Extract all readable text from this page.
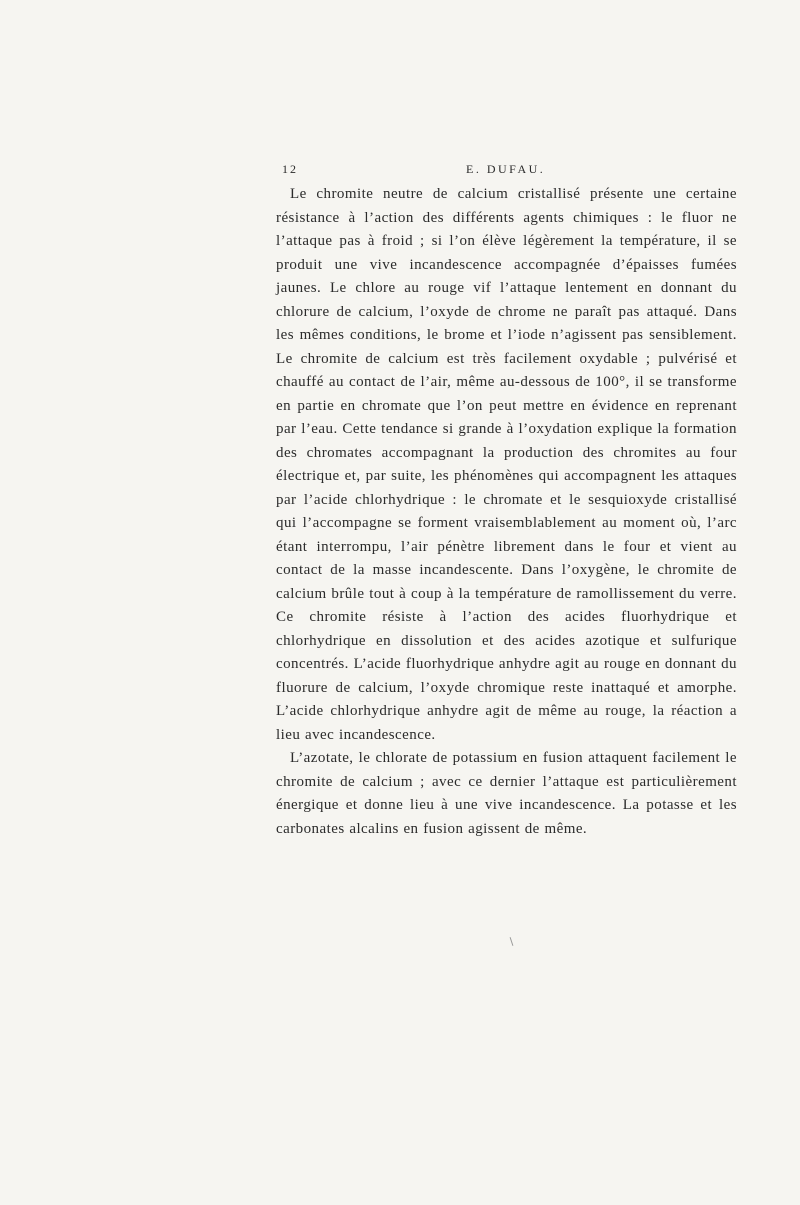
12	E. DUFAU.

Le chromite neutre de calcium cristallisé présente une certaine résistance à l’action des différents agents chimiques : le fluor ne l’attaque pas à froid ; si l’on élève légèrement la température, il se produit une vive incandescence accompagnée d’épaisses fumées jaunes. Le chlore au rouge vif l’attaque lentement en donnant du chlorure de calcium, l’oxyde de chrome ne paraît pas attaqué. Dans les mêmes conditions, le brome et l’iode n’agissent pas sensiblement. Le chromite de calcium est très facilement oxydable ; pulvérisé et chauffé au contact de l’air, même au-dessous de 100°, il se transforme en partie en chromate que l’on peut mettre en évidence en reprenant par l’eau. Cette tendance si grande à l’oxydation explique la formation des chromates accompagnant la production des chromites au four électrique et, par suite, les phénomènes qui accompagnent les attaques par l’acide chlorhydrique : le chromate et le sesquioxyde cristallisé qui l’accompagne se forment vraisemblablement au moment où, l’arc étant interrompu, l’air pénètre librement dans le four et vient au contact de la masse incandescente. Dans l’oxygène, le chromite de calcium brûle tout à coup à la température de ramollissement du verre. Ce chromite résiste à l’action des acides fluorhydrique et chlorhydrique en dissolution et des acides azotique et sulfurique concentrés. L’acide fluorhydrique anhydre agit au rouge en donnant du fluorure de calcium, l’oxyde chromique reste inattaqué et amorphe. L’acide chlorhydrique anhydre agit de même au rouge, la réaction a lieu avec incandescence.

L’azotate, le chlorate de potassium en fusion attaquent facilement le chromite de calcium ; avec ce dernier l’attaque est particulièrement énergique et donne lieu à une vive incandescence. La potasse et les carbonates alcalins en fusion agissent de même.
